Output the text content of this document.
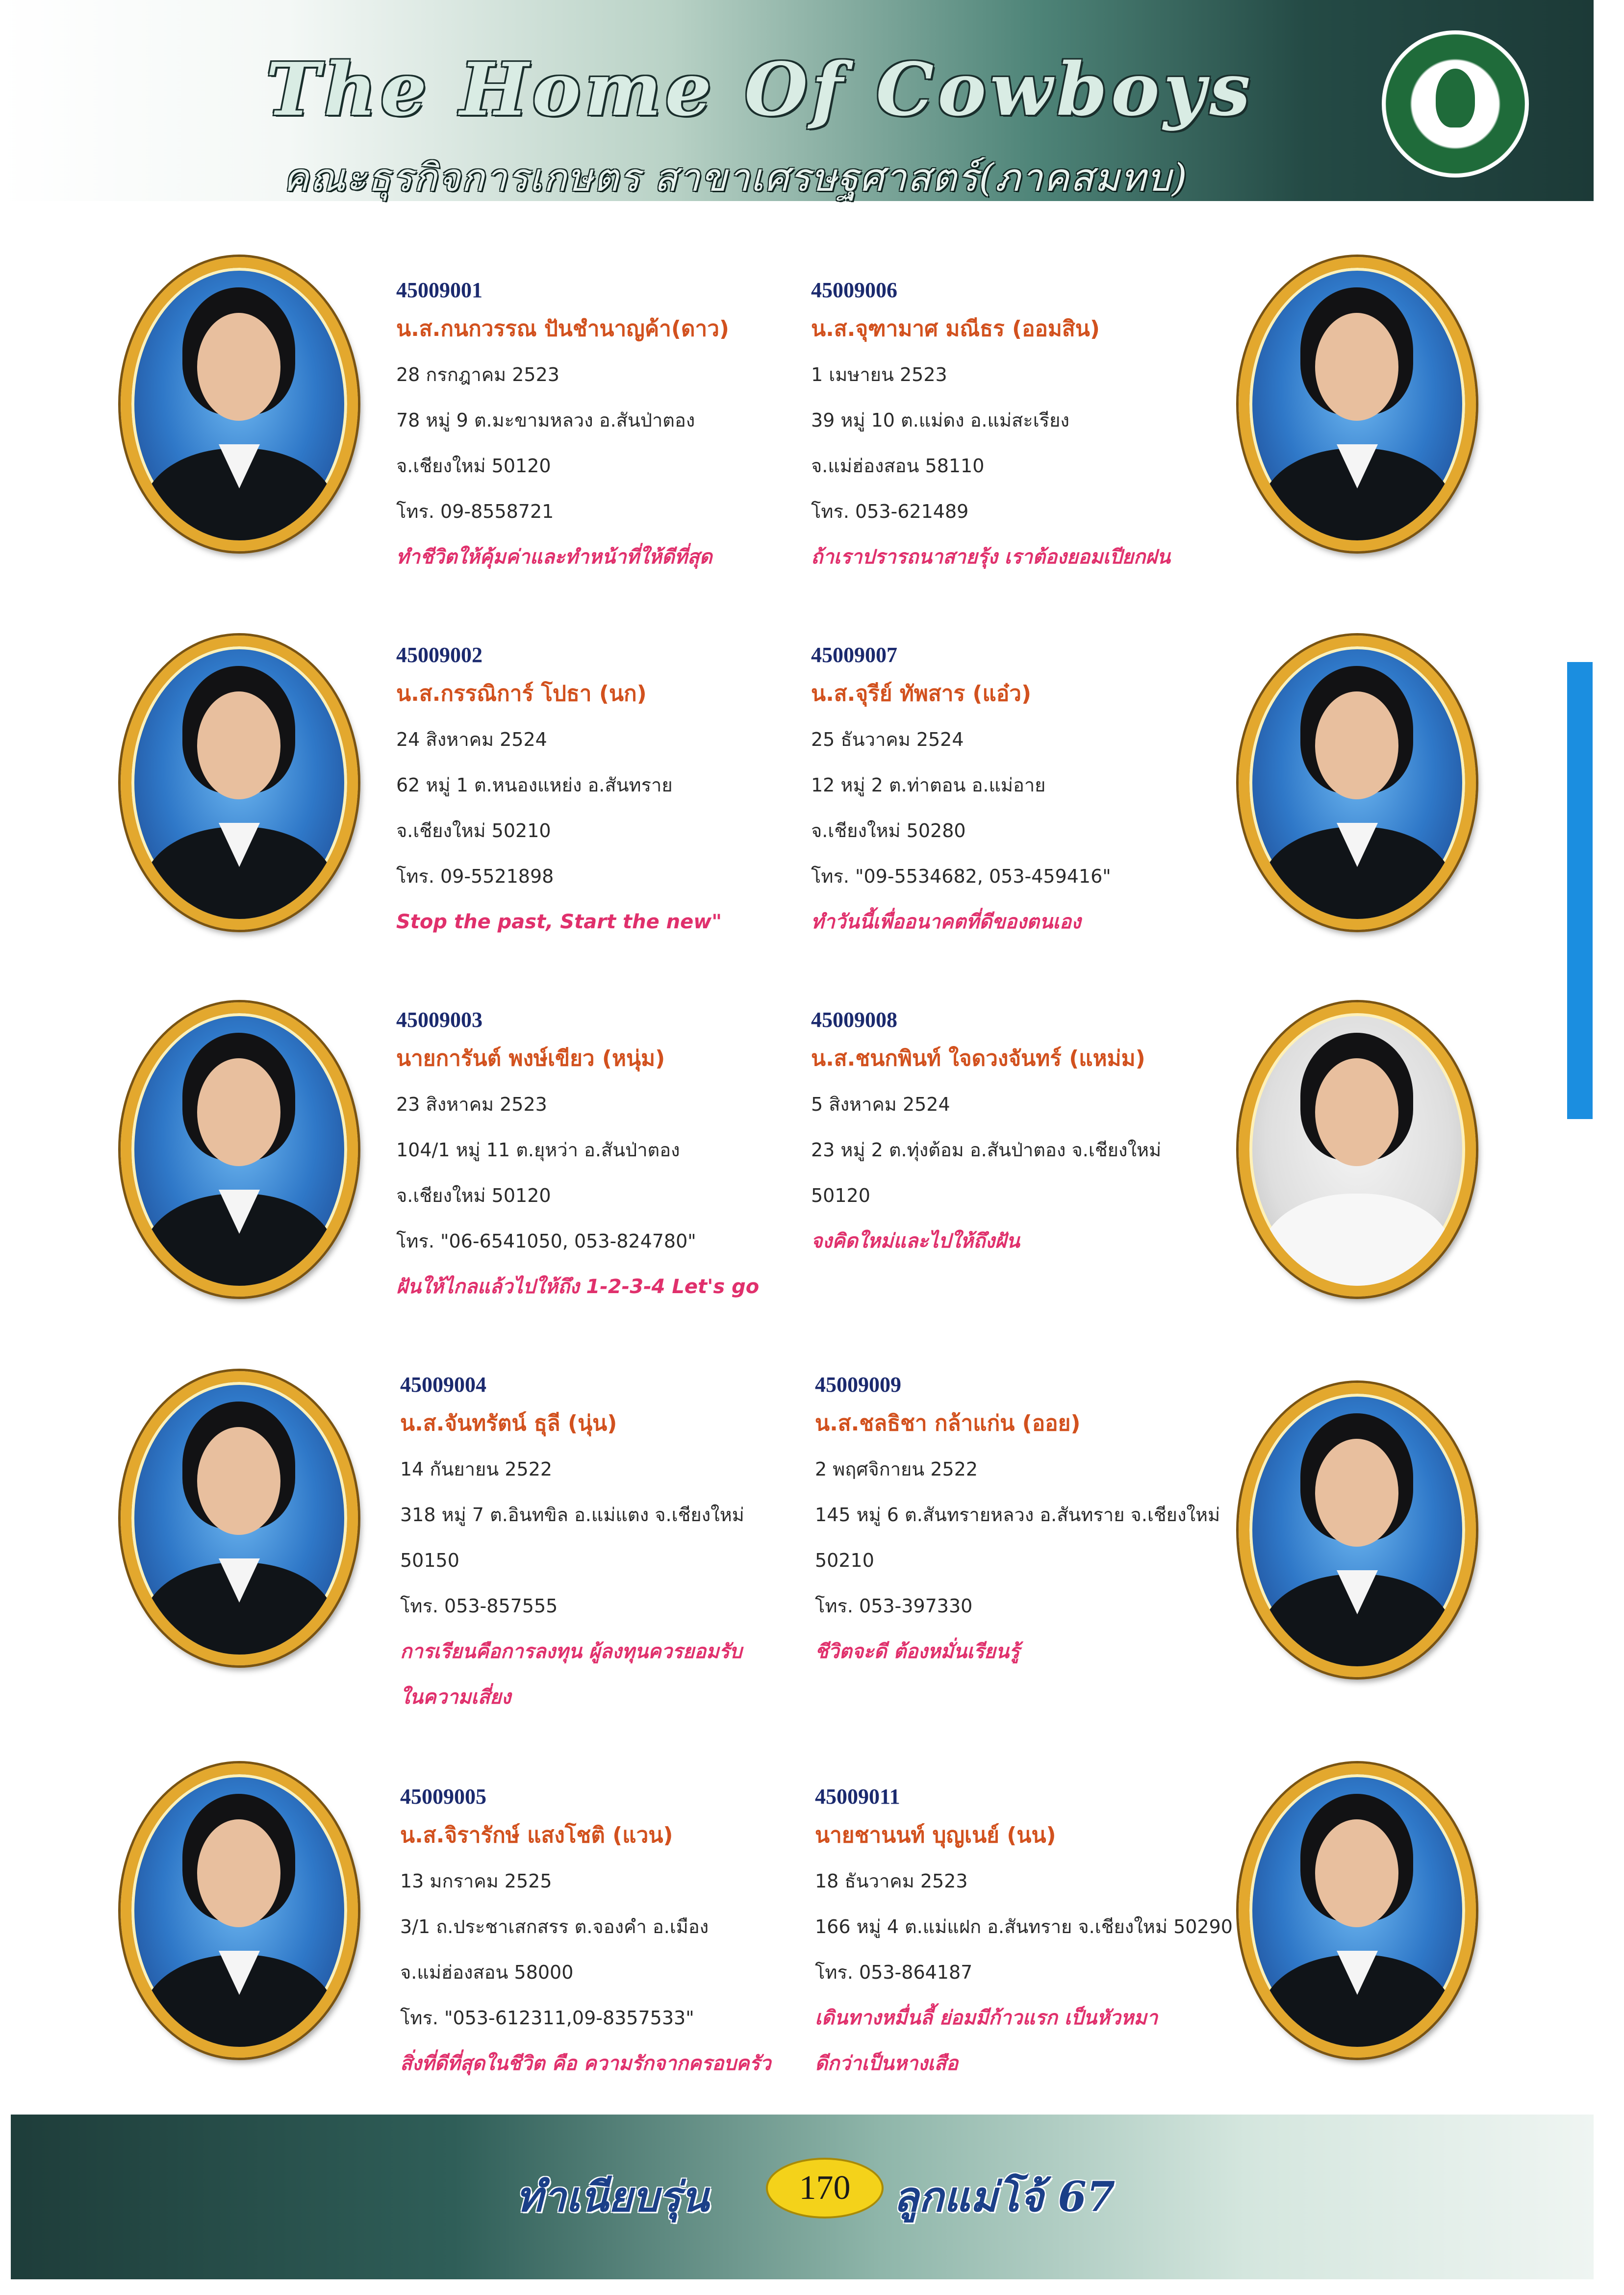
The Home Of Cowboys
คณะธุรกิจการเกษตร สาขาเศรษฐศาสตร์(ภาคสมทบ)
45009001
น.ส.กนกวรรณ ปันชำนาญค้า(ดาว)
28 กรกฎาคม 2523
78 หมู่ 9 ต.มะขามหลวง อ.สันป่าตอง
จ.เชียงใหม่ 50120
โทร. 09-8558721
ทำชีวิตให้คุ้มค่าและทำหน้าที่ให้ดีที่สุด
45009006
น.ส.จุฑามาศ มณีธร (ออมสิน)
1 เมษายน 2523
39 หมู่ 10 ต.แม่ดง อ.แม่สะเรียง
จ.แม่ฮ่องสอน 58110
โทร. 053-621489
ถ้าเราปรารถนาสายรุ้ง เราต้องยอมเปียกฝน
45009002
น.ส.กรรณิการ์ โปธา (นก)
24 สิงหาคม 2524
62 หมู่ 1 ต.หนองแหย่ง อ.สันทราย
จ.เชียงใหม่ 50210
โทร. 09-5521898
Stop the past, Start the new"
45009007
น.ส.จุรีย์ ทัพสาร (แอ๋ว)
25 ธันวาคม 2524
12 หมู่ 2 ต.ท่าตอน อ.แม่อาย
จ.เชียงใหม่ 50280
โทร. "09-5534682, 053-459416"
ทำวันนี้เพื่ออนาคตที่ดีของตนเอง
45009003
นายการันต์ พงษ์เขียว (หนุ่ม)
23 สิงหาคม 2523
104/1 หมู่ 11 ต.ยุหว่า อ.สันป่าตอง
จ.เชียงใหม่ 50120
โทร. "06-6541050, 053-824780"
ฝันให้ไกลแล้วไปให้ถึง 1-2-3-4 Let's go
45009008
น.ส.ชนกพินท์ ใจดวงจันทร์ (แหม่ม)
5 สิงหาคม 2524
23 หมู่ 2 ต.ทุ่งต้อม อ.สันป่าตอง จ.เชียงใหม่
50120
จงคิดใหม่และไปให้ถึงฝัน
45009004
น.ส.จันทรัตน์ ธุลี (นุ่น)
14 กันยายน 2522
318 หมู่ 7 ต.อินทขิล อ.แม่แตง จ.เชียงใหม่
50150
โทร. 053-857555
การเรียนคือการลงทุน ผู้ลงทุนควรยอมรับ
ในความเสี่ยง
45009009
น.ส.ชลธิชา กล้าแก่น (ออย)
2 พฤศจิกายน 2522
145 หมู่ 6 ต.สันทรายหลวง อ.สันทราย จ.เชียงใหม่
50210
โทร. 053-397330
ชีวิตจะดี ต้องหมั่นเรียนรู้
45009005
น.ส.จิรารักษ์ แสงโชติ (แวน)
13 มกราคม 2525
3/1 ถ.ประชาเสกสรร ต.จองคำ อ.เมือง
จ.แม่ฮ่องสอน 58000
โทร. "053-612311,09-8357533"
สิ่งที่ดีที่สุดในชีวิต คือ ความรักจากครอบครัว
45009011
นายชานนท์ บุญเนย์ (นน)
18 ธันวาคม 2523
166 หมู่ 4 ต.แม่แฝก อ.สันทราย จ.เชียงใหม่ 50290
โทร. 053-864187
เดินทางหมื่นลี้ ย่อมมีก้าวแรก เป็นหัวหมา
ดีกว่าเป็นหางเสือ
ทำเนียบรุ่น	170	ลูกแม่โจ้ 67
